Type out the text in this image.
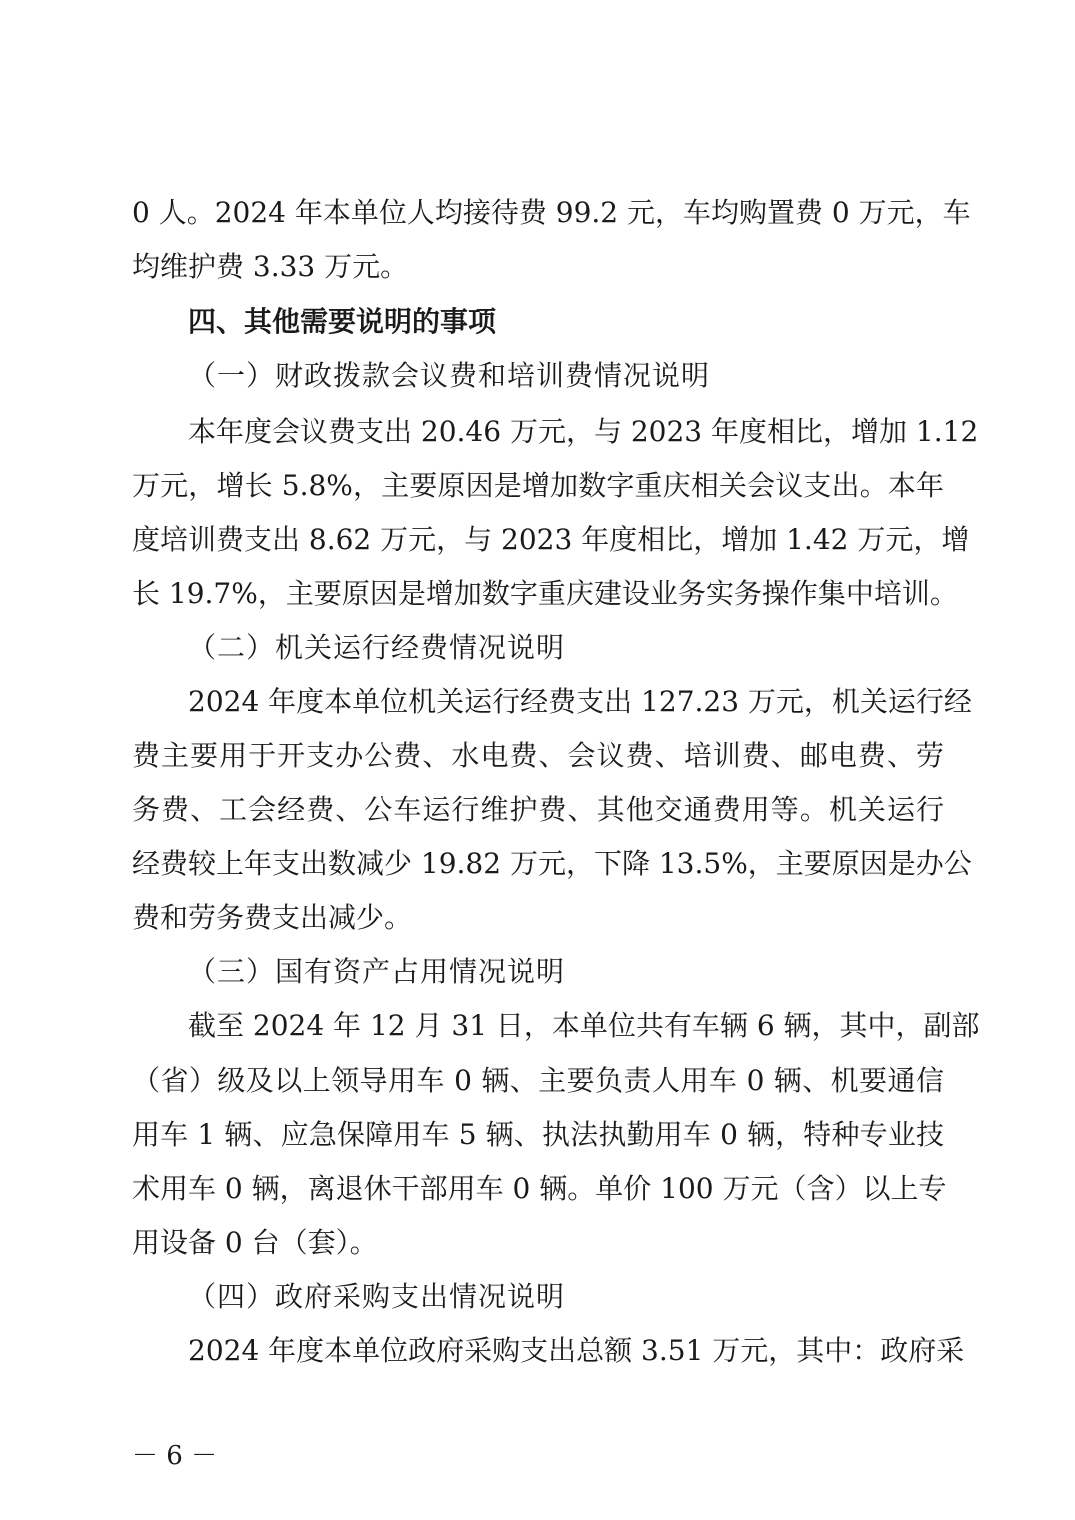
0 人。2024 年本单位人均接待费 99.2 元，车均购置费 0 万元，车
均维护费 3.33 万元。
四、其他需要说明的事项
（一）财政拨款会议费和培训费情况说明
本年度会议费支出 20.46 万元，与 2023 年度相比，增加 1.12
万元，增长 5.8%，主要原因是增加数字重庆相关会议支出。本年
度培训费支出 8.62 万元，与 2023 年度相比，增加 1.42 万元，增
长 19.7%，主要原因是增加数字重庆建设业务实务操作集中培训。
（二）机关运行经费情况说明
2024 年度本单位机关运行经费支出 127.23 万元，机关运行经
费主要用于开支办公费、水电费、会议费、培训费、邮电费、劳
务费、工会经费、公车运行维护费、其他交通费用等。机关运行
经费较上年支出数减少 19.82 万元，下降 13.5%，主要原因是办公
费和劳务费支出减少。
（三）国有资产占用情况说明
截至 2024 年 12 月 31 日，本单位共有车辆 6 辆，其中，副部
（省）级及以上领导用车 0 辆、主要负责人用车 0 辆、机要通信
用车 1 辆、应急保障用车 5 辆、执法执勤用车 0 辆，特种专业技
术用车 0 辆，离退休干部用车 0 辆。单价 100 万元（含）以上专
用设备 0 台（套）。
（四）政府采购支出情况说明
2024 年度本单位政府采购支出总额 3.51 万元，其中：政府采
－ 6 －
